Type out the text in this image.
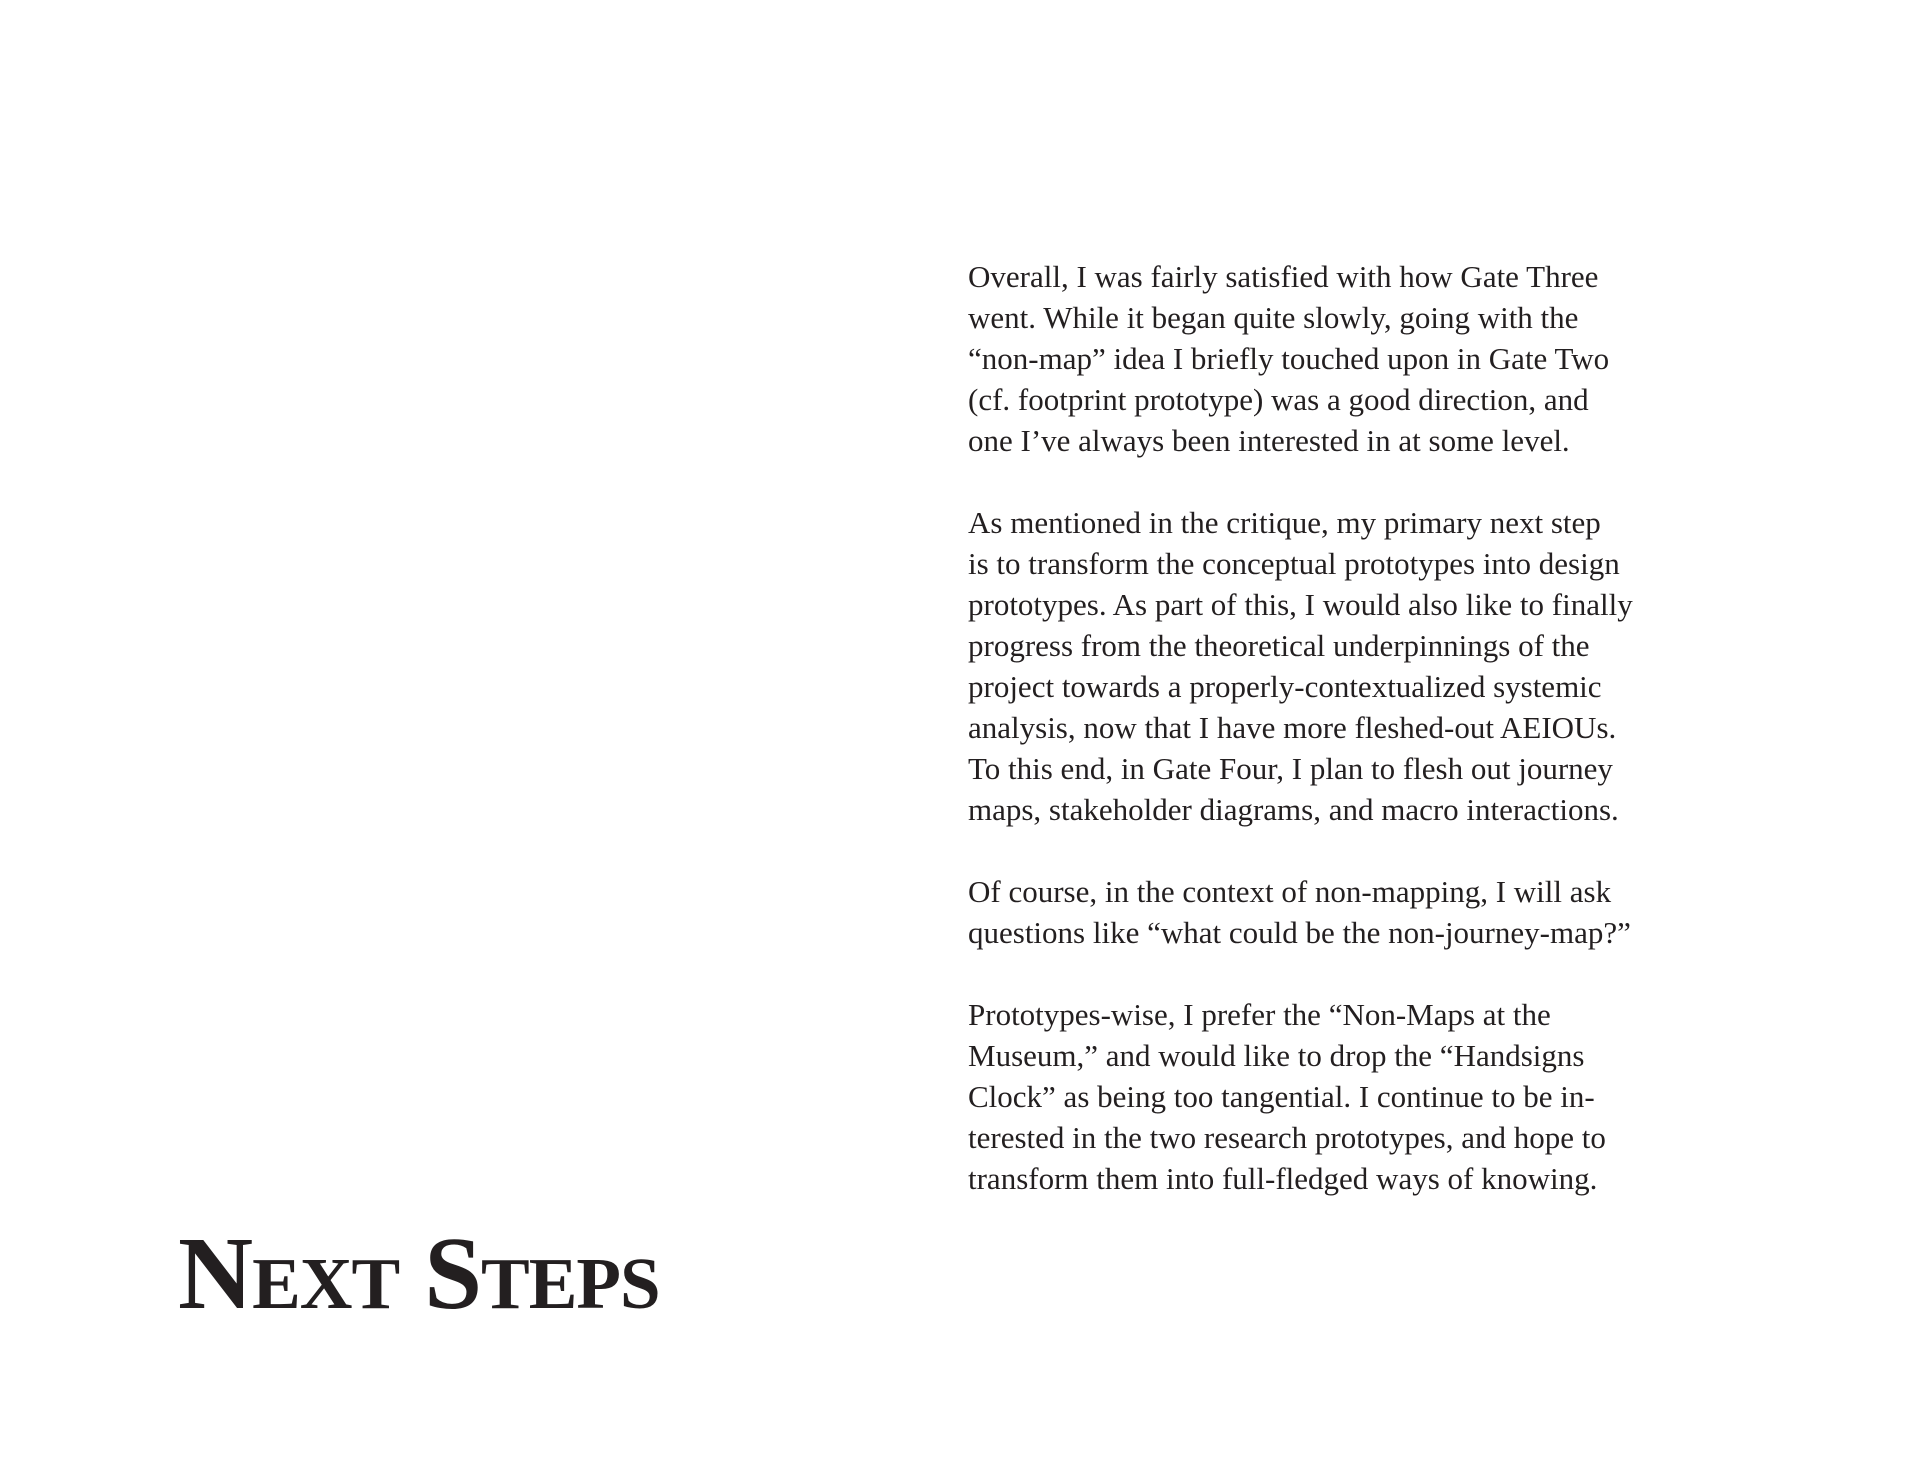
Overall, I was fairly satisfied with how Gate Three
went. While it began quite slowly, going with the
“non-map” idea I briefly touched upon in Gate Two
(cf. footprint prototype) was a good direction, and
one I’ve always been interested in at some level.

As mentioned in the critique, my primary next step
is to transform the conceptual prototypes into design
prototypes. As part of this, I would also like to finally
progress from the theoretical underpinnings of the
project towards a properly-contextualized systemic
analysis, now that I have more fleshed-out AEIOUs.
To this end, in Gate Four, I plan to flesh out journey
maps, stakeholder diagrams, and macro interactions.

Of course, in the context of non-mapping, I will ask
questions like “what could be the non-journey-map?”

Prototypes-wise, I prefer the “Non-Maps at the
Museum,” and would like to drop the “Handsigns
Clock” as being too tangential. I continue to be in-
terested in the two research prototypes, and hope to
transform them into full-fledged ways of knowing.

Next Steps
